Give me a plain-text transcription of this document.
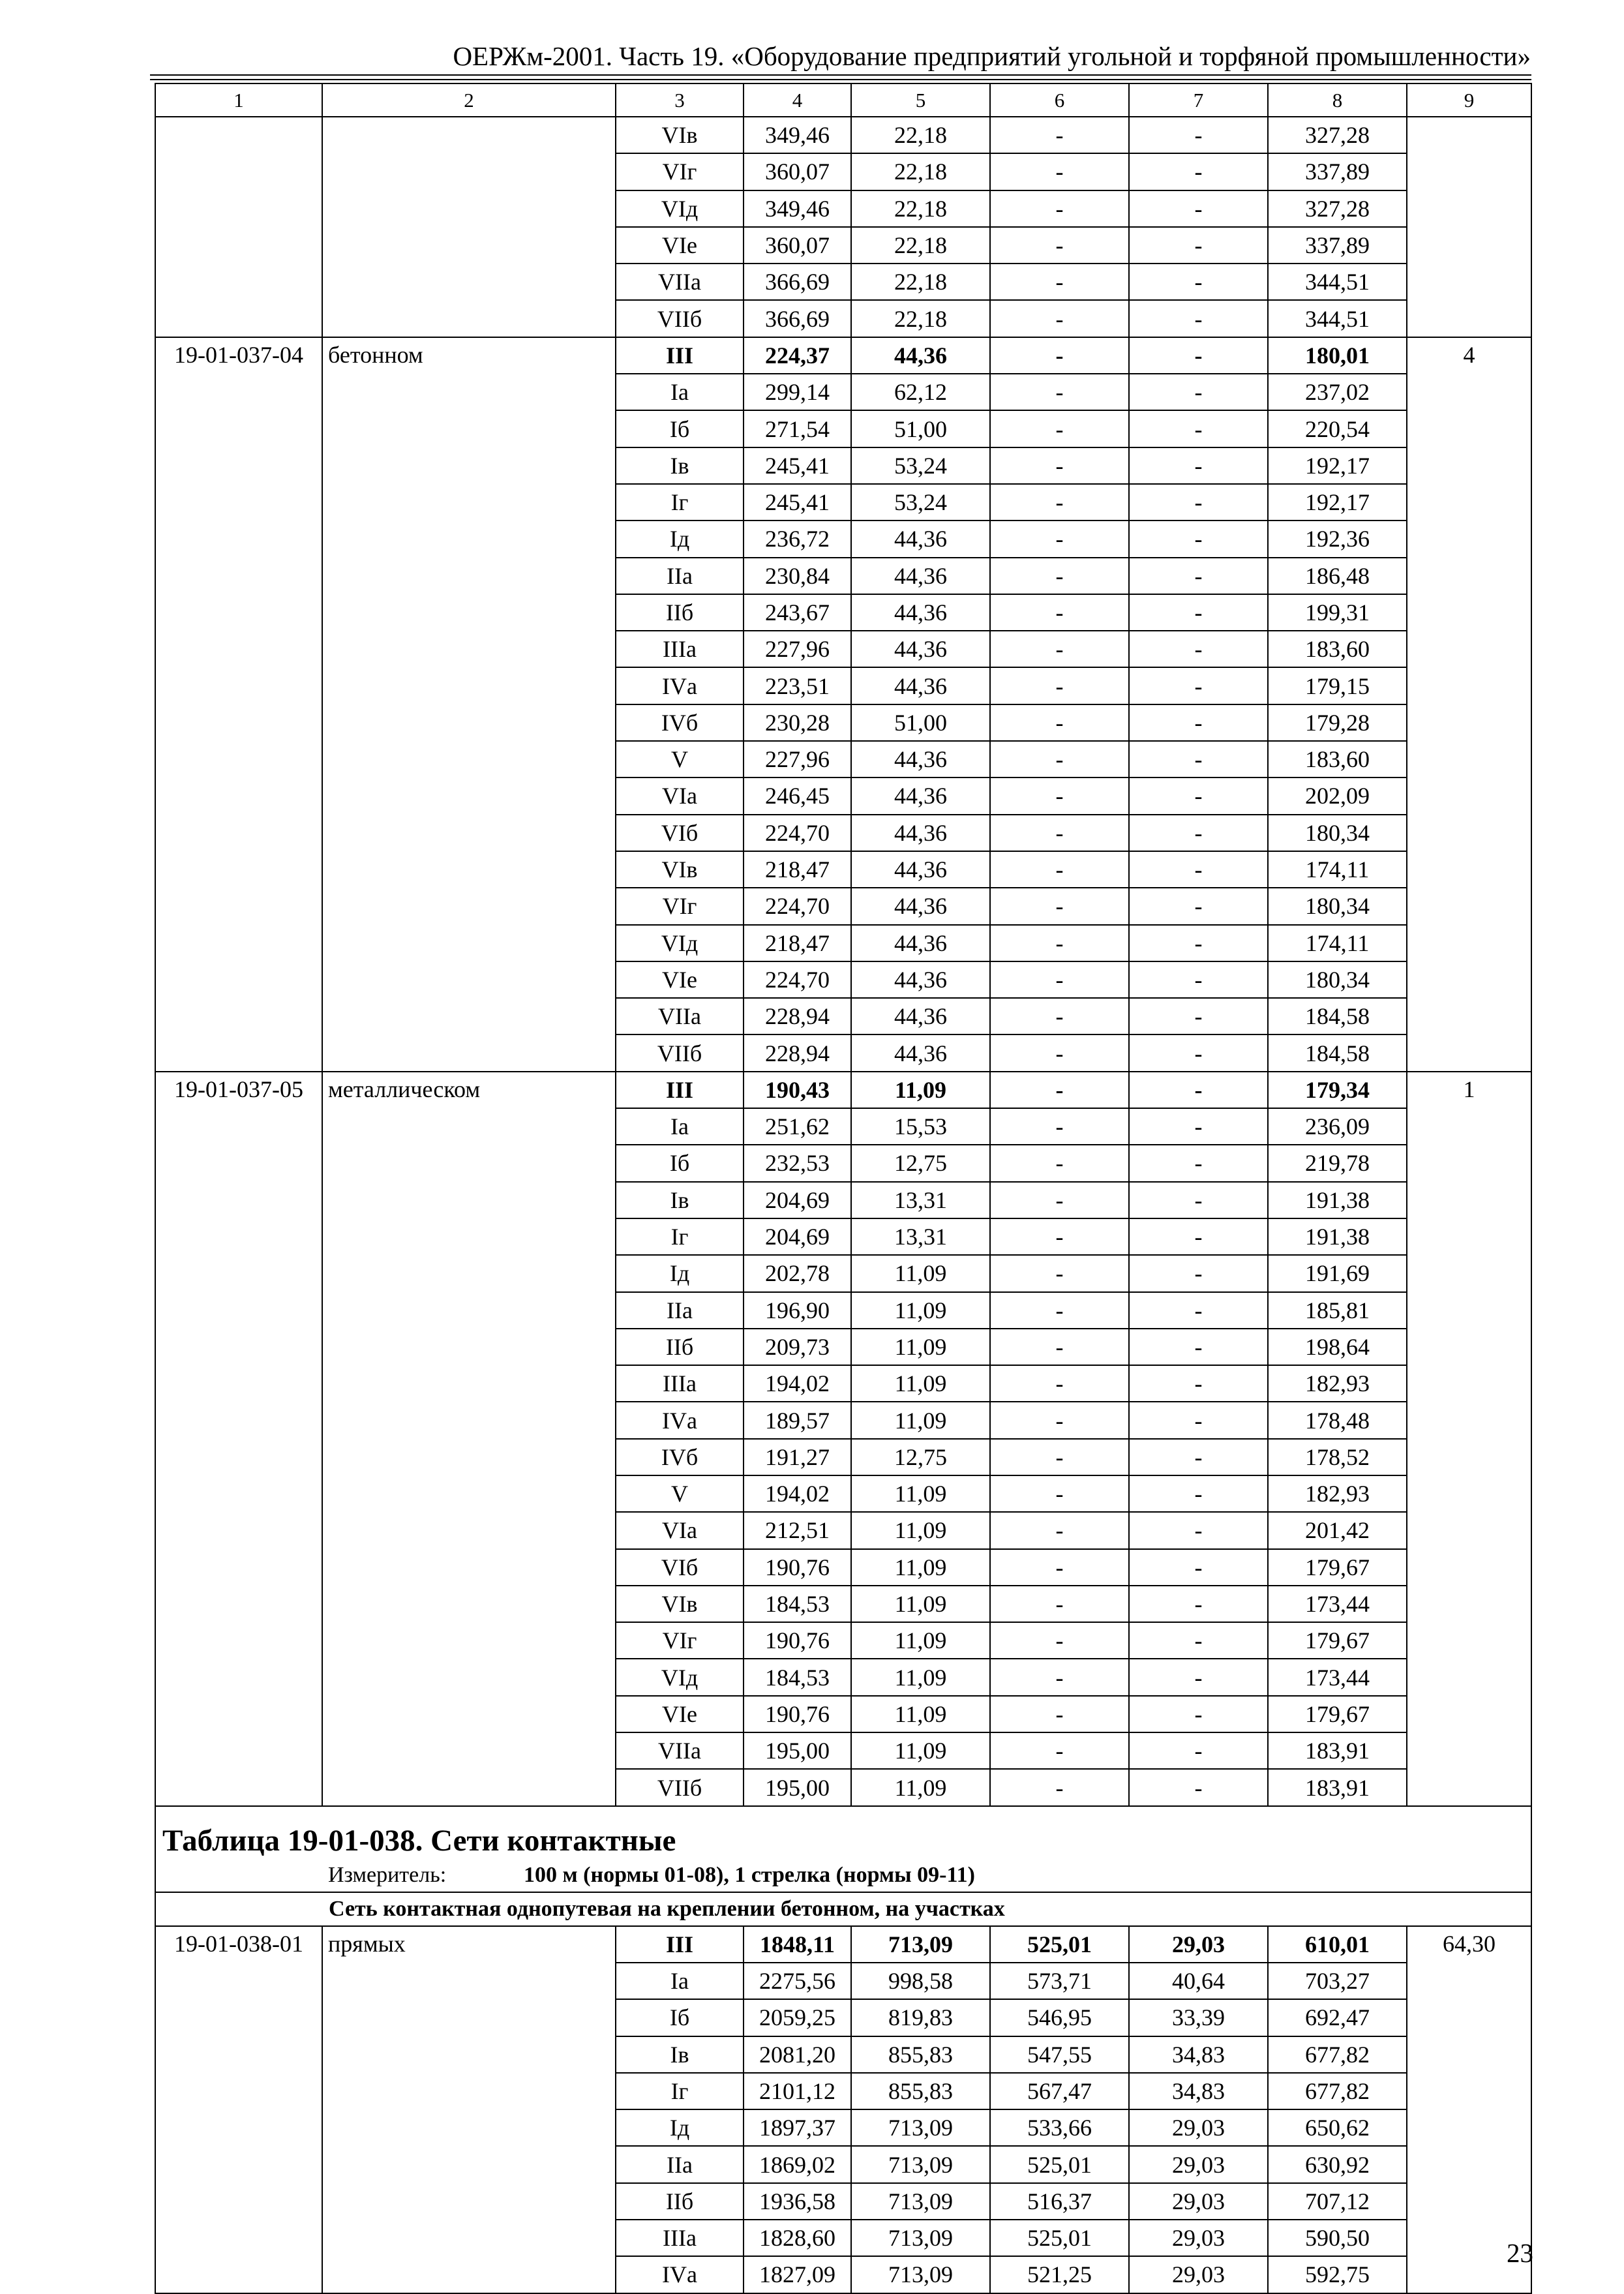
ОЕРЖм-2001. Часть 19. «Оборудование предприятий угольной и торфяной промышленности»
1	2	3	4	5	6	7	8	9
		VIв	349,46	22,18	-	-	327,28	
		VIг	360,07	22,18	-	-	337,89	
		VIд	349,46	22,18	-	-	327,28	
		VIе	360,07	22,18	-	-	337,89	
		VIIа	366,69	22,18	-	-	344,51	
		VIIб	366,69	22,18	-	-	344,51	
19-01-037-04	бетонном	III	224,37	44,36	-	-	180,01	4
		Iа	299,14	62,12	-	-	237,02	
		Iб	271,54	51,00	-	-	220,54	
		Iв	245,41	53,24	-	-	192,17	
		Iг	245,41	53,24	-	-	192,17	
		Iд	236,72	44,36	-	-	192,36	
		IIа	230,84	44,36	-	-	186,48	
		IIб	243,67	44,36	-	-	199,31	
		IIIа	227,96	44,36	-	-	183,60	
		IVа	223,51	44,36	-	-	179,15	
		IVб	230,28	51,00	-	-	179,28	
		V	227,96	44,36	-	-	183,60	
		VIа	246,45	44,36	-	-	202,09	
		VIб	224,70	44,36	-	-	180,34	
		VIв	218,47	44,36	-	-	174,11	
		VIг	224,70	44,36	-	-	180,34	
		VIд	218,47	44,36	-	-	174,11	
		VIе	224,70	44,36	-	-	180,34	
		VIIа	228,94	44,36	-	-	184,58	
		VIIб	228,94	44,36	-	-	184,58	
19-01-037-05	металлическом	III	190,43	11,09	-	-	179,34	1
		Iа	251,62	15,53	-	-	236,09	
		Iб	232,53	12,75	-	-	219,78	
		Iв	204,69	13,31	-	-	191,38	
		Iг	204,69	13,31	-	-	191,38	
		Iд	202,78	11,09	-	-	191,69	
		IIа	196,90	11,09	-	-	185,81	
		IIб	209,73	11,09	-	-	198,64	
		IIIа	194,02	11,09	-	-	182,93	
		IVа	189,57	11,09	-	-	178,48	
		IVб	191,27	12,75	-	-	178,52	
		V	194,02	11,09	-	-	182,93	
		VIа	212,51	11,09	-	-	201,42	
		VIб	190,76	11,09	-	-	179,67	
		VIв	184,53	11,09	-	-	173,44	
		VIг	190,76	11,09	-	-	179,67	
		VIд	184,53	11,09	-	-	173,44	
		VIе	190,76	11,09	-	-	179,67	
		VIIа	195,00	11,09	-	-	183,91	
		VIIб	195,00	11,09	-	-	183,91	
Таблица 19-01-038. Сети контактные								
Измеритель: 100 м (нормы 01-08), 1 стрелка (нормы 09-11)								
Сеть контактная однопутевая на креплении бетонном, на участках								
19-01-038-01	прямых	III	1848,11	713,09	525,01	29,03	610,01	64,30
		Iа	2275,56	998,58	573,71	40,64	703,27	
		Iб	2059,25	819,83	546,95	33,39	692,47	
		Iв	2081,20	855,83	547,55	34,83	677,82	
		Iг	2101,12	855,83	567,47	34,83	677,82	
		Iд	1897,37	713,09	533,66	29,03	650,62	
		IIа	1869,02	713,09	525,01	29,03	630,92	
		IIб	1936,58	713,09	516,37	29,03	707,12	
		IIIа	1828,60	713,09	525,01	29,03	590,50	
		IVа	1827,09	713,09	521,25	29,03	592,75	
23
